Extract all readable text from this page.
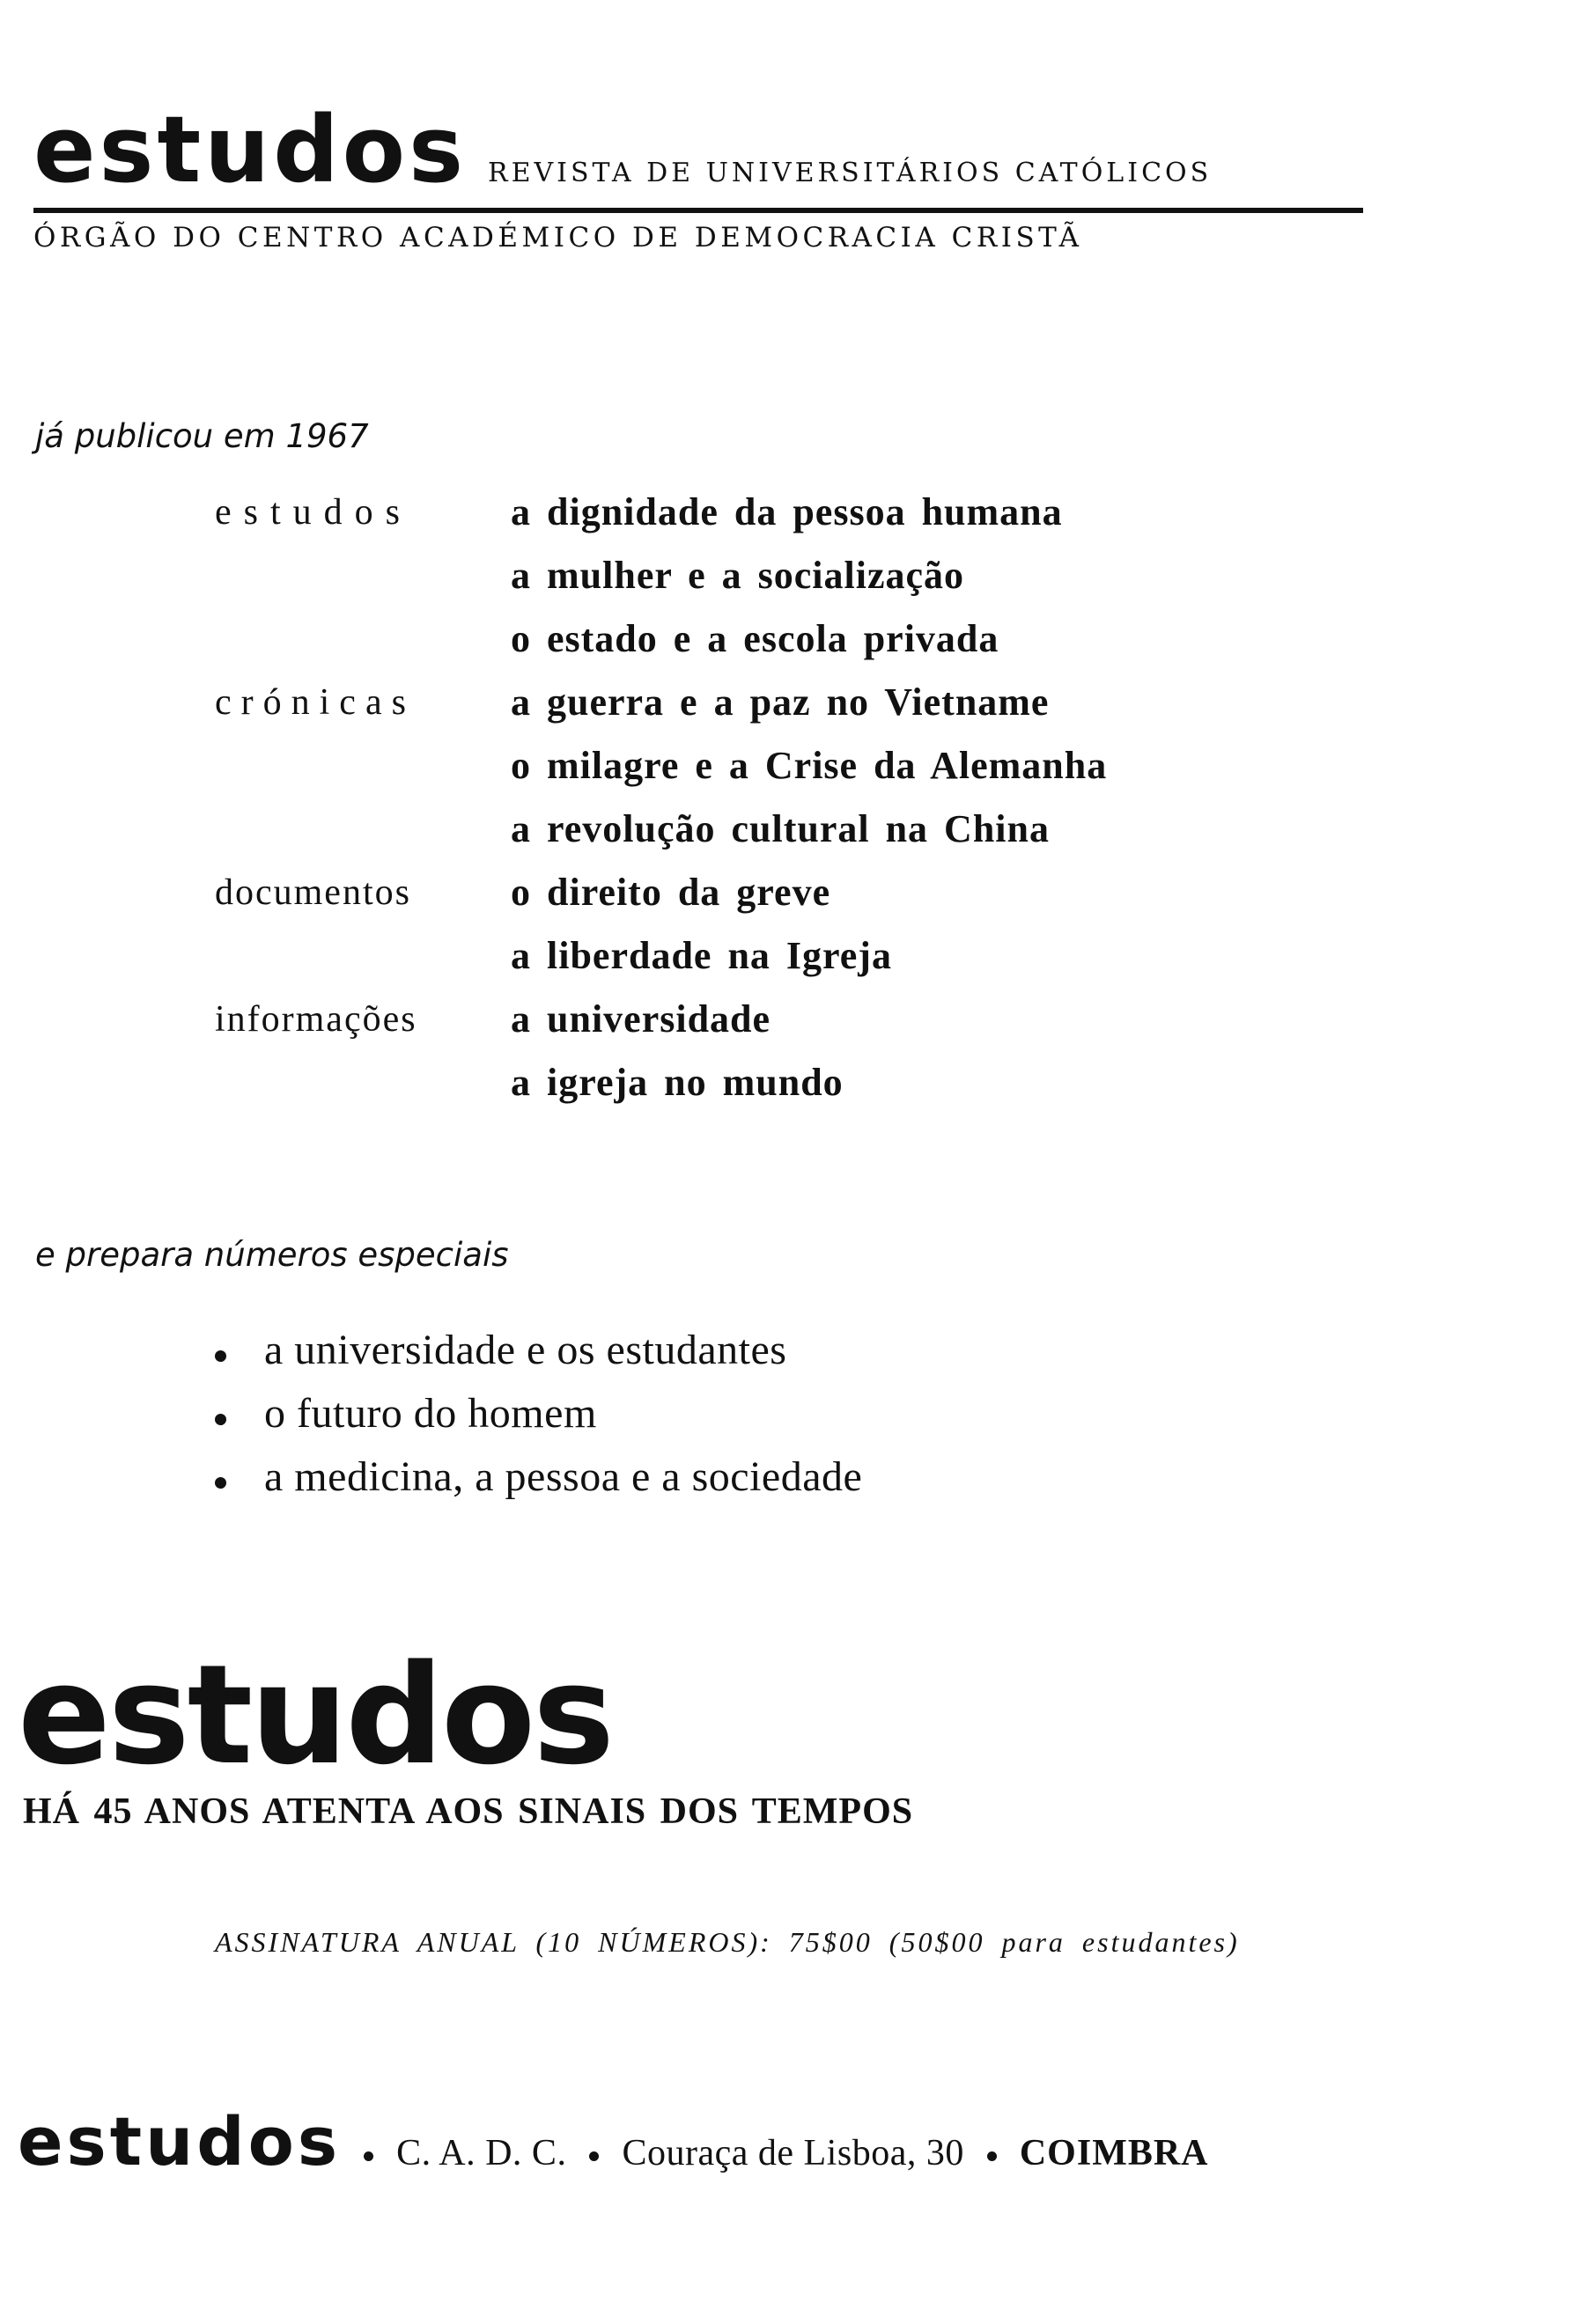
estudos REVISTA DE UNIVERSITÁRIOS CATÓLICOS
ÓRGÃO DO CENTRO ACADÉMICO DE DEMOCRACIA CRISTÃ
já publicou em 1967
estudos	a dignidade da pessoa humana
a mulher e a socialização
o estado e a escola privada
crónicas	a guerra e a paz no Vietname
o milagre e a Crise da Alemanha
a revolução cultural na China
documentos	o direito da greve
a liberdade na Igreja
informações	a universidade
a igreja no mundo
e prepara números especiais
a universidade e os estudantes
o futuro do homem
a medicina, a pessoa e a sociedade
estudos
HÁ 45 ANOS ATENTA AOS SINAIS DOS TEMPOS
ASSINATURA ANUAL (10 NÚMEROS): 75$00 (50$00 para estudantes)
estudos C. A. D. C. Couraça de Lisboa, 30 COIMBRA
